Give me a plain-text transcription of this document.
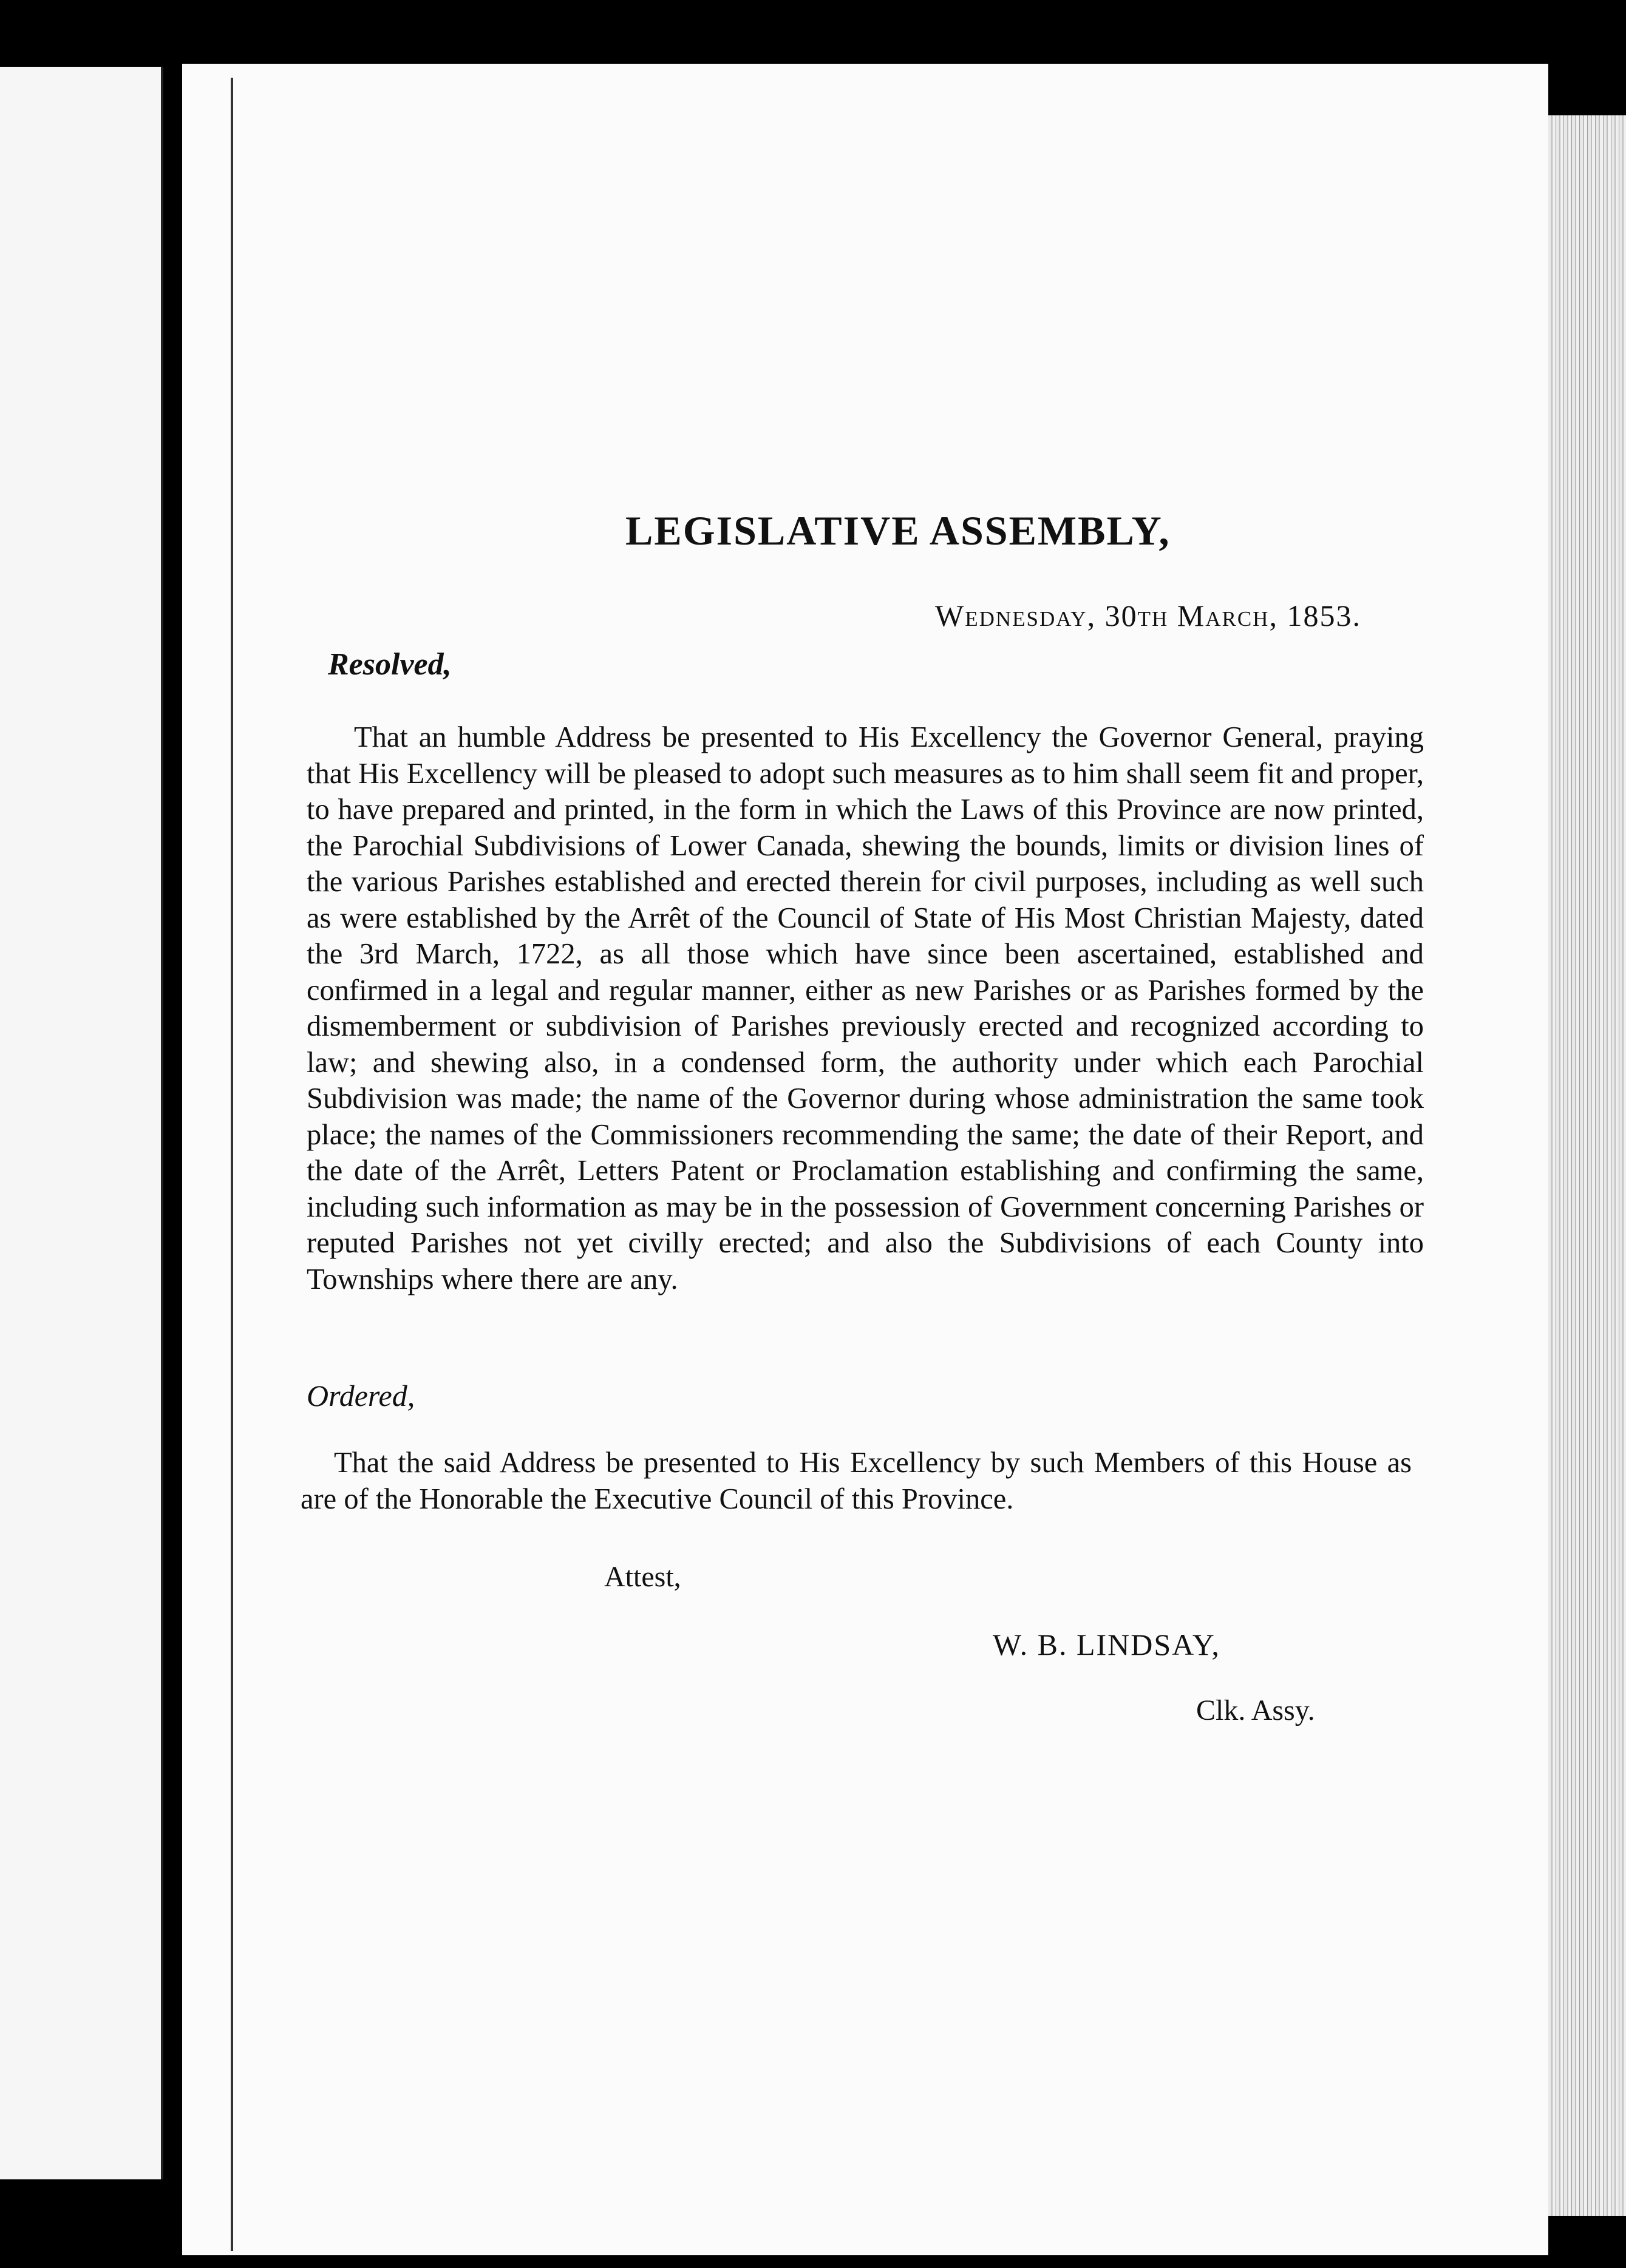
LEGISLATIVE ASSEMBLY,
Wednesday, 30th March, 1853.
Resolved,
That an humble Address be presented to His Excellency the Governor General, praying that His Excellency will be pleased to adopt such measures as to him shall seem fit and proper, to have prepared and printed, in the form in which the Laws of this Province are now printed, the Parochial Subdivisions of Lower Canada, shewing the bounds, limits or division lines of the various Parishes established and erected therein for civil purposes, including as well such as were established by the Arrêt of the Council of State of His Most Christian Majesty, dated the 3rd March, 1722, as all those which have since been ascertained, established and confirmed in a legal and regular manner, either as new Parishes or as Parishes formed by the dismemberment or subdivision of Parishes previously erected and recognized according to law; and shewing also, in a condensed form, the authority under which each Parochial Subdivision was made; the name of the Governor during whose administration the same took place; the names of the Commissioners recommending the same; the date of their Report, and the date of the Arrêt, Letters Patent or Proclamation establishing and confirming the same, including such information as may be in the possession of Government concerning Parishes or reputed Parishes not yet civilly erected; and also the Subdivisions of each County into Townships where there are any.
Ordered,
That the said Address be presented to His Excellency by such Members of this House as are of the Honorable the Executive Council of this Province.
Attest,
W. B. LINDSAY,
Clk. Assy.
